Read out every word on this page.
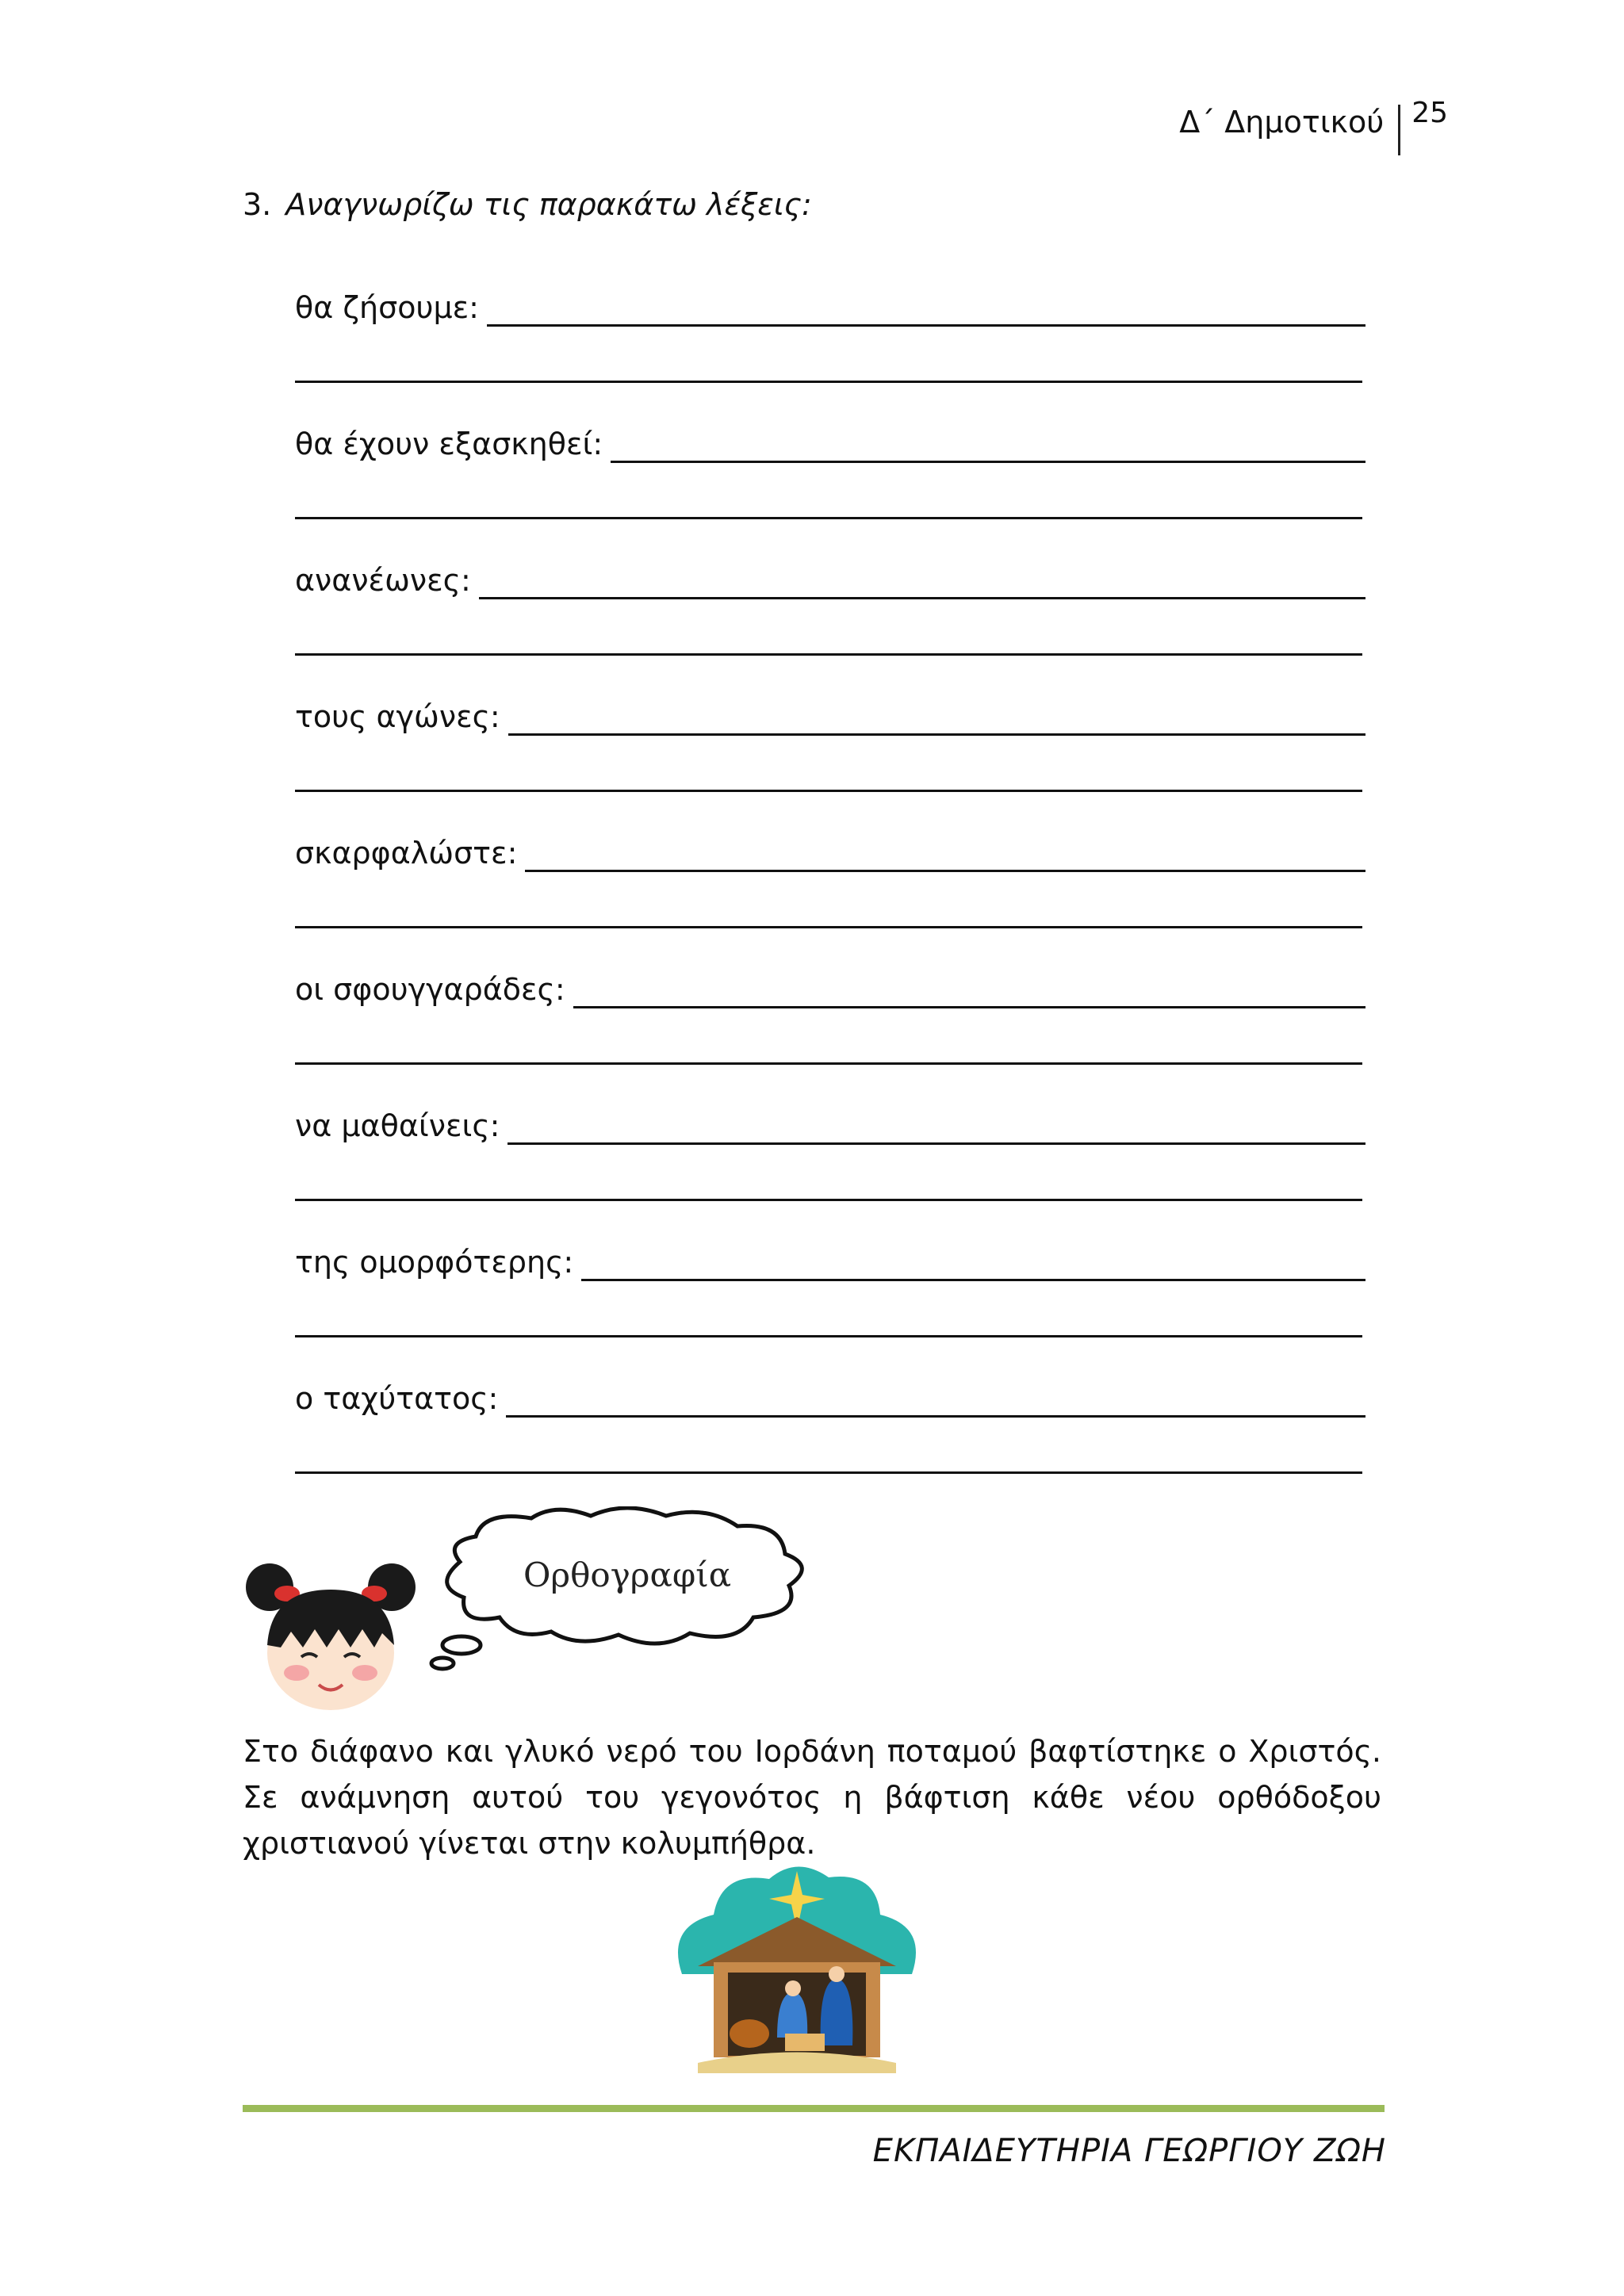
Δ΄ Δημοτικού 25
3. Αναγνωρίζω τις παρακάτω λέξεις:
θα ζήσουμε:
θα έχουν εξασκηθεί:
ανανέωνες:
τους αγώνες:
σκαρφαλώστε:
οι σφουγγαράδες:
να μαθαίνεις:
της ομορφότερης:
ο ταχύτατος:
Ορθογραφία
Στο διάφανο και γλυκό νερό του Ιορδάνη ποταμού βαφτίστηκε ο Χριστός. Σε ανάμνηση αυτού του γεγονότος η βάφτιση κάθε νέου ορθόδοξου χριστιανού γίνεται στην κολυμπήθρα.
ΕΚΠΑΙΔΕΥΤΗΡΙΑ ΓΕΩΡΓΙΟΥ ΖΩΗ
